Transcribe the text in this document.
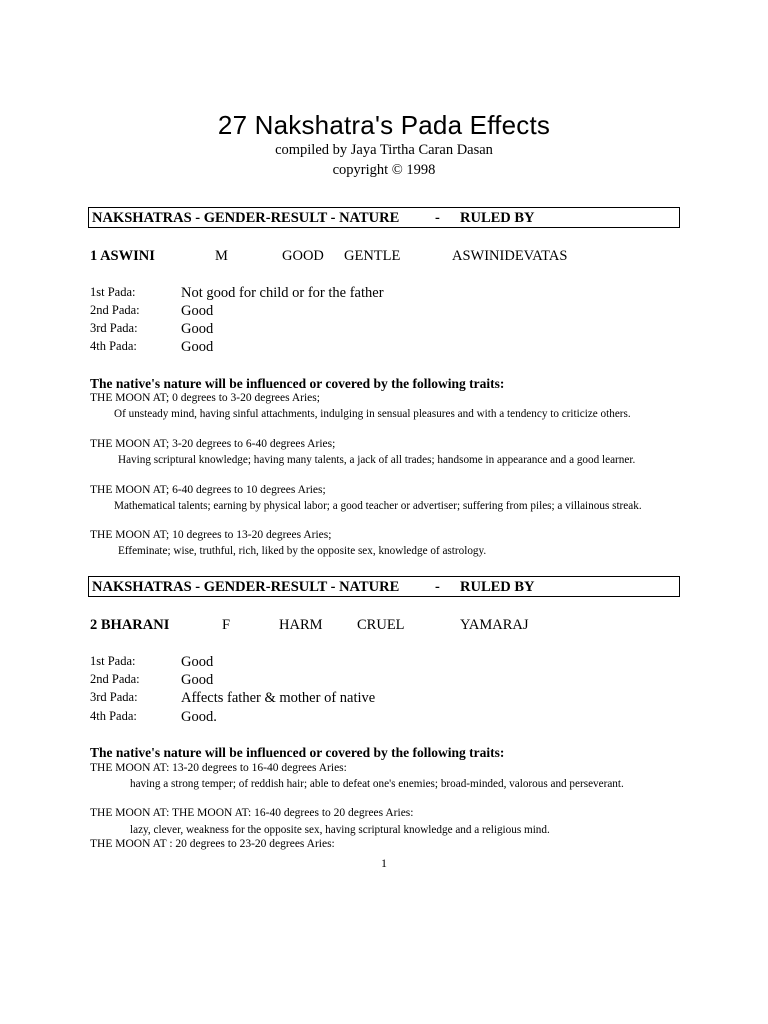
27 Nakshatra's Pada Effects
compiled by Jaya Tirtha Caran Dasan
copyright © 1998
NAKSHATRAS - GENDER-RESULT - NATURE - RULED BY
1 ASWINI	M	GOOD GENTLE	ASWINIDEVATAS
1st Pada:	Not good for child or for the father
2nd Pada:	Good
3rd Pada:	Good
4th Pada:	Good
The native's nature will be influenced or covered by the following traits:
THE MOON AT; 0 degrees to 3-20 degrees Aries;
Of unsteady mind, having sinful attachments, indulging in sensual pleasures and with a tendency to criticize others.
THE MOON AT; 3-20 degrees to 6-40 degrees Aries;
Having scriptural knowledge; having many talents, a jack of all trades; handsome in appearance and a good learner.
THE MOON AT; 6-40 degrees to 10 degrees Aries;
Mathematical talents; earning by physical labor; a good teacher or advertiser; suffering from piles; a villainous streak.
THE MOON AT; 10 degrees to 13-20 degrees Aries;
Effeminate; wise, truthful, rich, liked by the opposite sex, knowledge of astrology.
NAKSHATRAS - GENDER-RESULT - NATURE - RULED BY
2 BHARANI	F	HARM CRUEL	YAMARAJ
1st Pada:	Good
2nd Pada:	Good
3rd Pada:	Affects father & mother of native
4th Pada:	Good.
The native's nature will be influenced or covered by the following traits:
THE MOON AT: 13-20 degrees to 16-40 degrees Aries:
having a strong temper; of reddish hair; able to defeat one's enemies; broad-minded, valorous and perseverant.
THE MOON AT: THE MOON AT: 16-40 degrees to 20 degrees Aries:
lazy, clever, weakness for the opposite sex, having scriptural knowledge and a religious mind.
THE MOON AT : 20 degrees to 23-20 degrees Aries:
1
